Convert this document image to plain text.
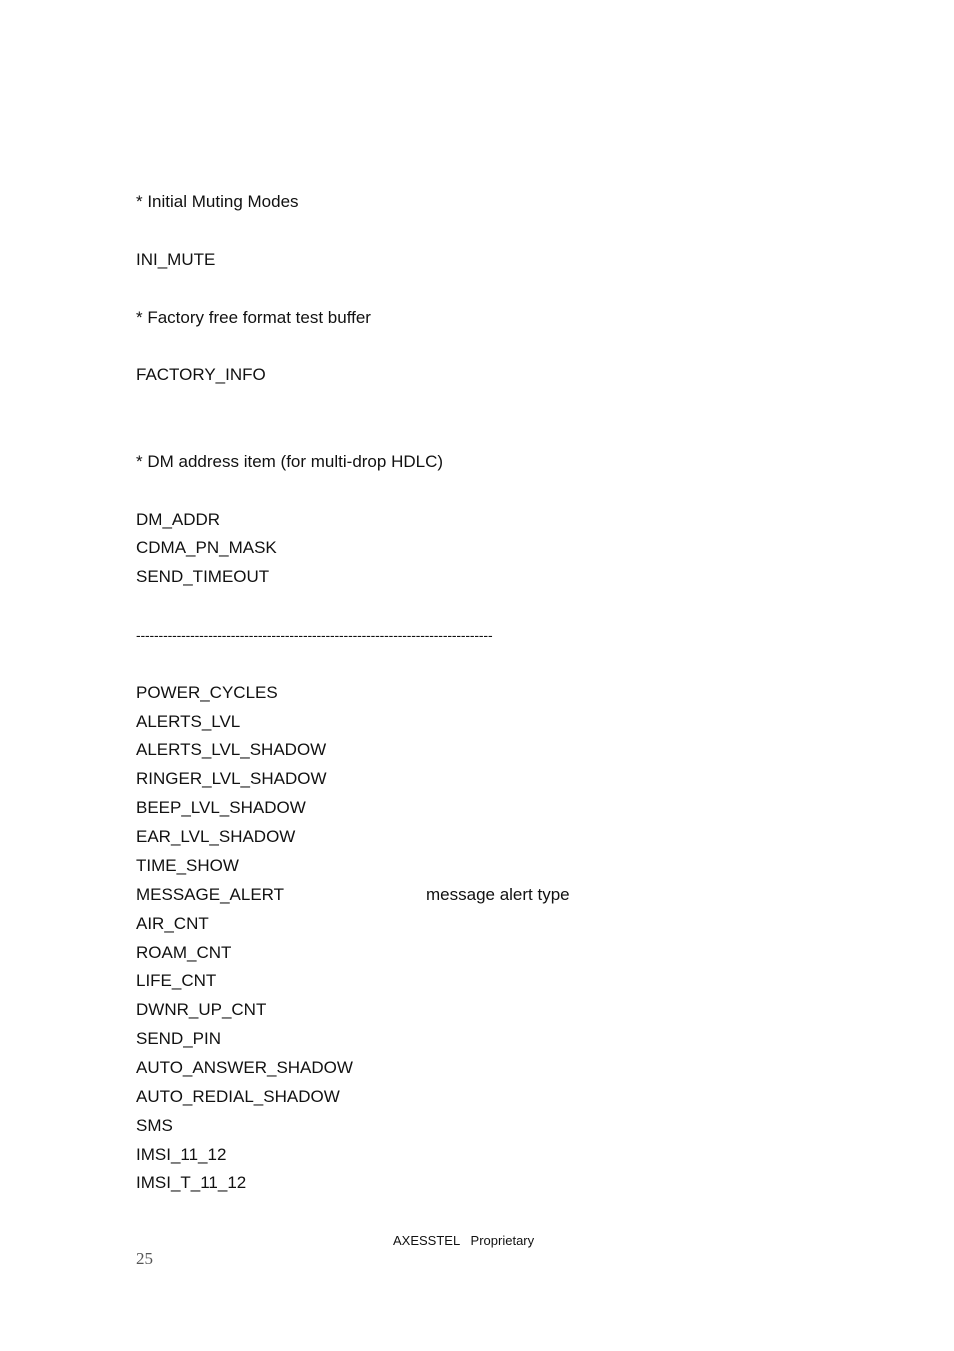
* Initial Muting Modes
INI_MUTE
* Factory free format test buffer
FACTORY_INFO
* DM address item (for multi-drop HDLC)
DM_ADDR
CDMA_PN_MASK
SEND_TIMEOUT
-------------------------------------------------------------------------------
POWER_CYCLES
ALERTS_LVL
ALERTS_LVL_SHADOW
RINGER_LVL_SHADOW
BEEP_LVL_SHADOW
EAR_LVL_SHADOW
TIME_SHOW
MESSAGE_ALERT	message alert type
AIR_CNT
ROAM_CNT
LIFE_CNT
DWNR_UP_CNT
SEND_PIN
AUTO_ANSWER_SHADOW
AUTO_REDIAL_SHADOW
SMS
IMSI_11_12
IMSI_T_11_12
AXESSTEL   Proprietary
25
